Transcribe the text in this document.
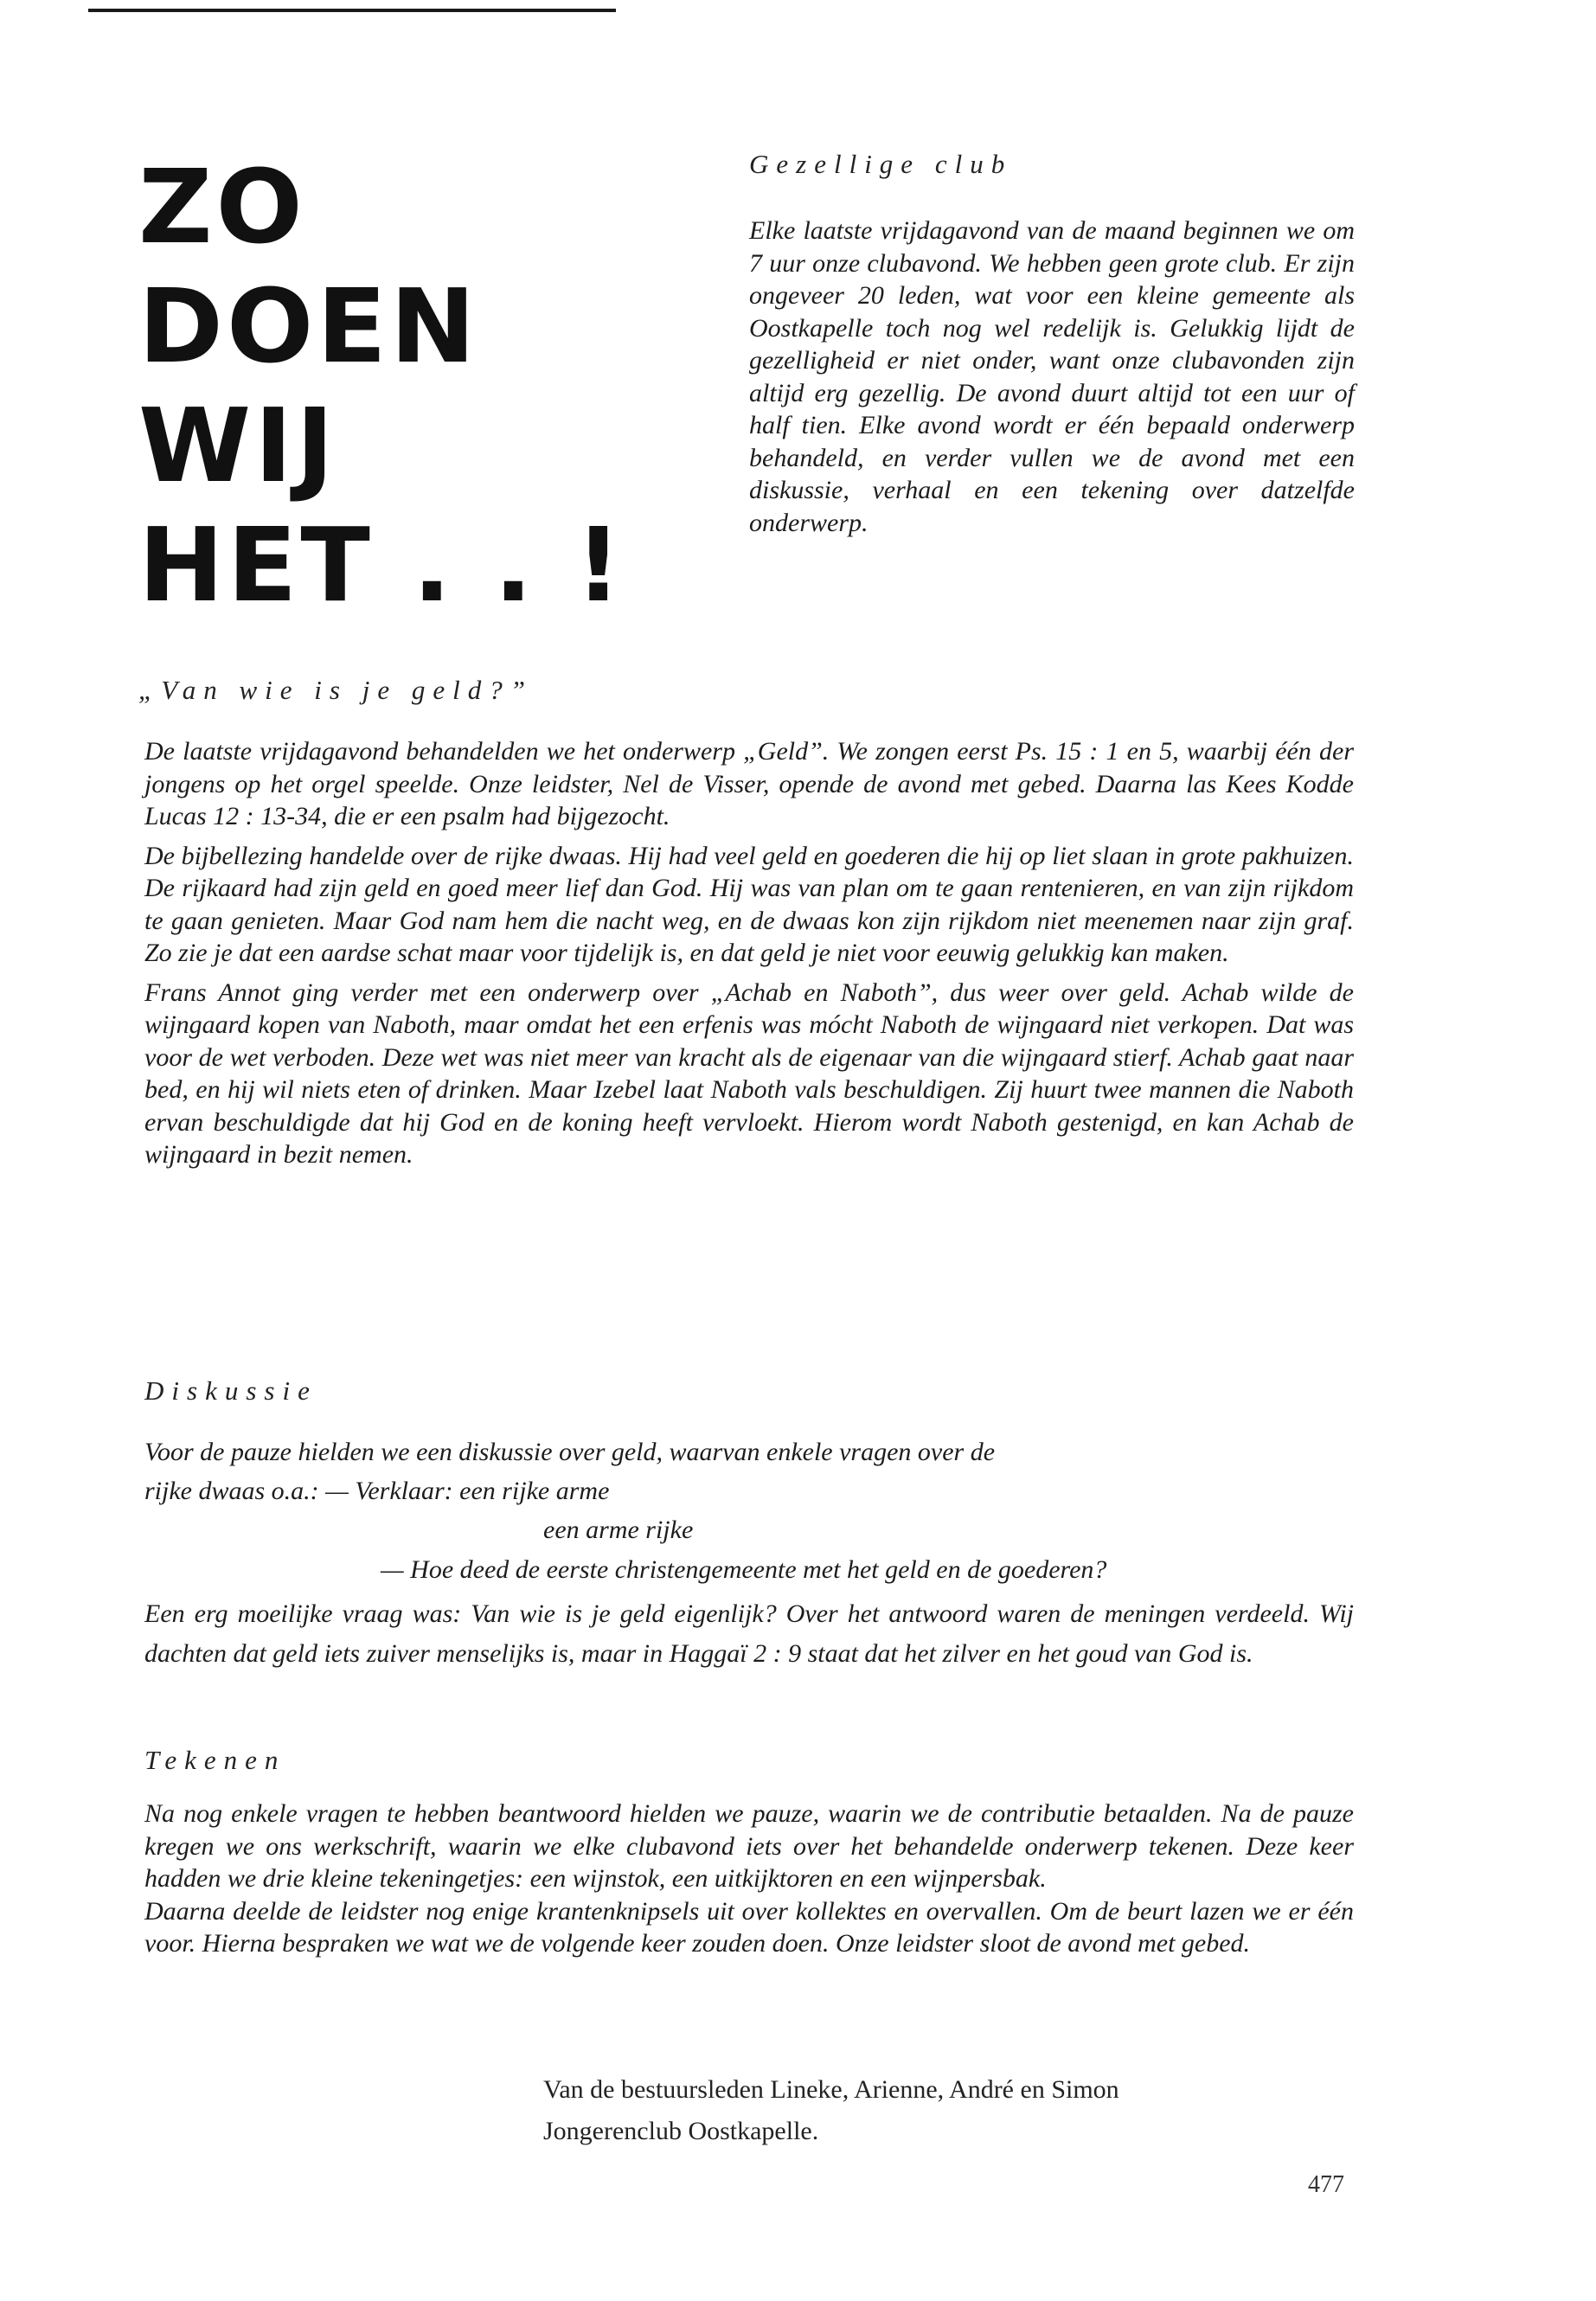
ZO
DOEN
WIJ
HET . . !
Gezellige club

Elke laatste vrijdagavond van de maand beginnen we om 7 uur onze clubavond. We hebben geen grote club. Er zijn ongeveer 20 leden, wat voor een kleine gemeente als Oostkapelle toch nog wel redelijk is. Gelukkig lijdt de gezelligheid er niet onder, want onze clubavonden zijn altijd erg gezellig. De avond duurt altijd tot een uur of half tien. Elke avond wordt er één bepaald onderwerp behandeld, en verder vullen we de avond met een diskussie, verhaal en een tekening over datzelfde onderwerp.

„Van wie is je geld?”

De laatste vrijdagavond behandelden we het onderwerp „Geld”. We zongen eerst Ps. 15 : 1 en 5, waarbij één der jongens op het orgel speelde. Onze leidster, Nel de Visser, opende de avond met gebed. Daarna las Kees Kodde Lucas 12 : 13-34, die er een psalm had bijgezocht.

De bijbellezing handelde over de rijke dwaas. Hij had veel geld en goederen die hij op liet slaan in grote pakhuizen. De rijkaard had zijn geld en goed meer lief dan God. Hij was van plan om te gaan rentenieren, en van zijn rijkdom te gaan genieten. Maar God nam hem die nacht weg, en de dwaas kon zijn rijkdom niet meenemen naar zijn graf. Zo zie je dat een aardse schat maar voor tijdelijk is, en dat geld je niet voor eeuwig gelukkig kan maken.

Frans Annot ging verder met een onderwerp over „Achab en Naboth”, dus weer over geld. Achab wilde de wijngaard kopen van Naboth, maar omdat het een erfenis was mócht Naboth de wijngaard niet verkopen. Dat was voor de wet verboden. Deze wet was niet meer van kracht als de eigenaar van die wijngaard stierf. Achab gaat naar bed, en hij wil niets eten of drinken. Maar Izebel laat Naboth vals beschuldigen. Zij huurt twee mannen die Naboth ervan beschuldigde dat hij God en de koning heeft vervloekt. Hierom wordt Naboth gestenigd, en kan Achab de wijngaard in bezit nemen.

Diskussie

Voor de pauze hielden we een diskussie over geld, waarvan enkele vragen over de

rijke dwaas o.a.: — Verklaar: een rijke arme
een arme rijke
— Hoe deed de eerste christengemeente met het geld en de goederen?

Een erg moeilijke vraag was: Van wie is je geld eigenlijk? Over het antwoord waren de meningen verdeeld. Wij dachten dat geld iets zuiver menselijks is, maar in Haggaï 2 : 9 staat dat het zilver en het goud van God is.

Tekenen

Na nog enkele vragen te hebben beantwoord hielden we pauze, waarin we de contributie betaalden. Na de pauze kregen we ons werkschrift, waarin we elke clubavond iets over het behandelde onderwerp tekenen. Deze keer hadden we drie kleine tekeningetjes: een wijnstok, een uitkijktoren en een wijnpersbak.

Daarna deelde de leidster nog enige krantenknipsels uit over kollektes en overvallen. Om de beurt lazen we er één voor. Hierna bespraken we wat we de volgende keer zouden doen. Onze leidster sloot de avond met gebed.

Van de bestuursleden Lineke, Arienne, André en Simon
Jongerenclub Oostkapelle.
477
